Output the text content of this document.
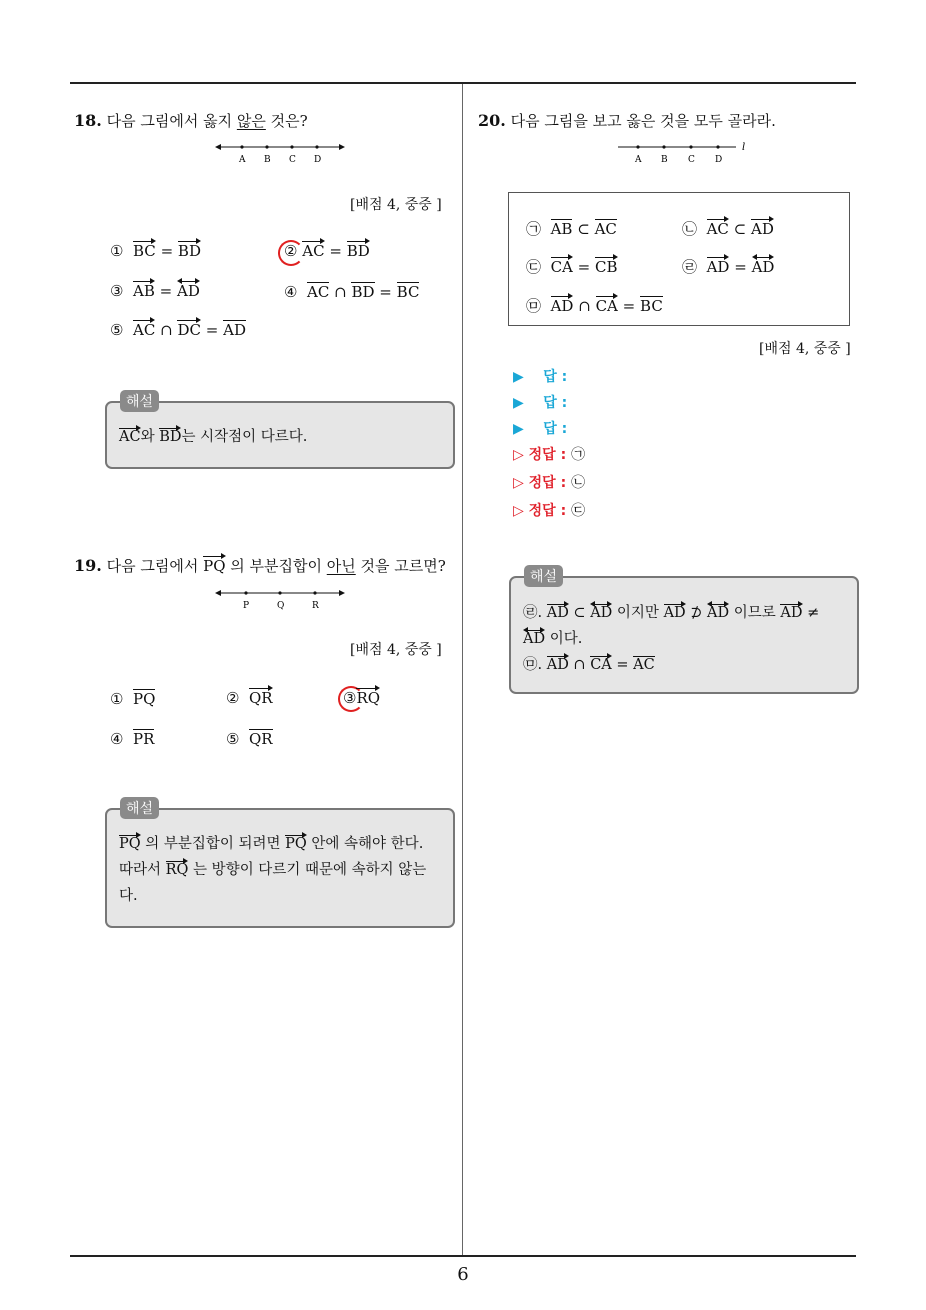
18. 다음 그림에서 옳지 않은 것은?
A B C D
[배점 4, 중중 ]
① BC = BD	② AC = BD
③ AB = AD	④ AC ∩ BD = BC
⑤ AC ∩ DC = AD
AC와 BD는 시작점이 다르다.
해설
19. 다음 그림에서 PQ 의 부분집합이 아닌 것을 고르면?
P	Q	R
[배점 4, 중중 ]
① PQ	② QR	③RQ
④ PR	⑤ QR
PQ 의 부분집합이 되려면 PQ 안에 속해야 한다.
따라서 RQ 는 방향이 다르기 때문에 속하지 않는
다.
해설
20. 다음 그림을 보고 옳은 것을 모두 골라라.
l
A B C D
㉠ AB ⊂ AC	㉡ AC ⊂ AD
㉢ CA = CB	㉣ AD = AD
㉤ AD ∩ CA = BC
[배점 4, 중중 ]
▶ 답 :
▶ 답 :
▶ 답 :
▷ 정답 : ㉠
▷ 정답 : ㉡
▷ 정답 : ㉢
㉣. AD ⊂
AD 이지만 AD ⊅
AD 이므로 AD ≠
AD 이다.
㉤. AD ∩ CA = AC
해설
6
